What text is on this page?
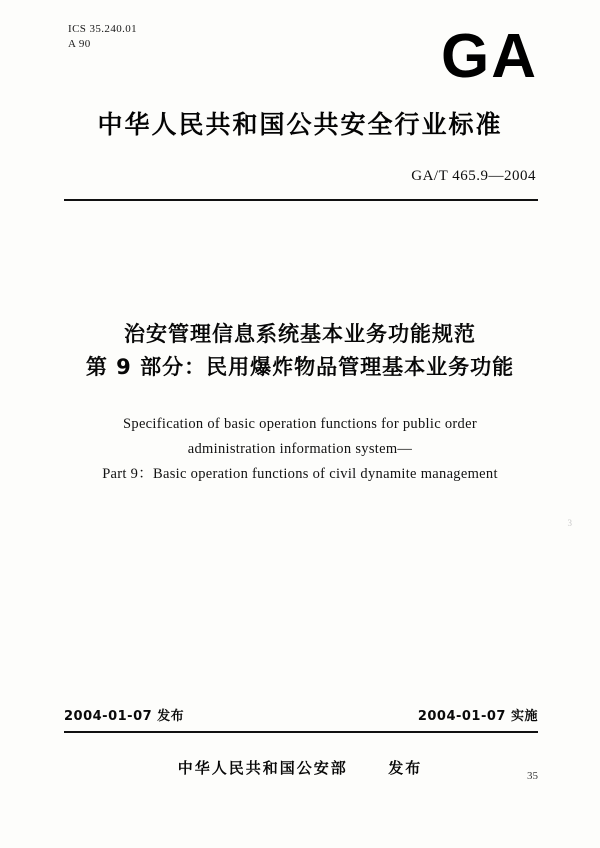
ICS 35.240.01
A 90	GA
中华人民共和国公共安全行业标准
GA/T 465.9—2004
治安管理信息系统基本业务功能规范
第 9 部分：民用爆炸物品管理基本业务功能
Specification of basic operation functions for public order
administration information system—
Part 9：Basic operation functions of civil dynamite management
3
2004-01-07 发布	2004-01-07 实施
中华人民共和国公安部	发布	35
